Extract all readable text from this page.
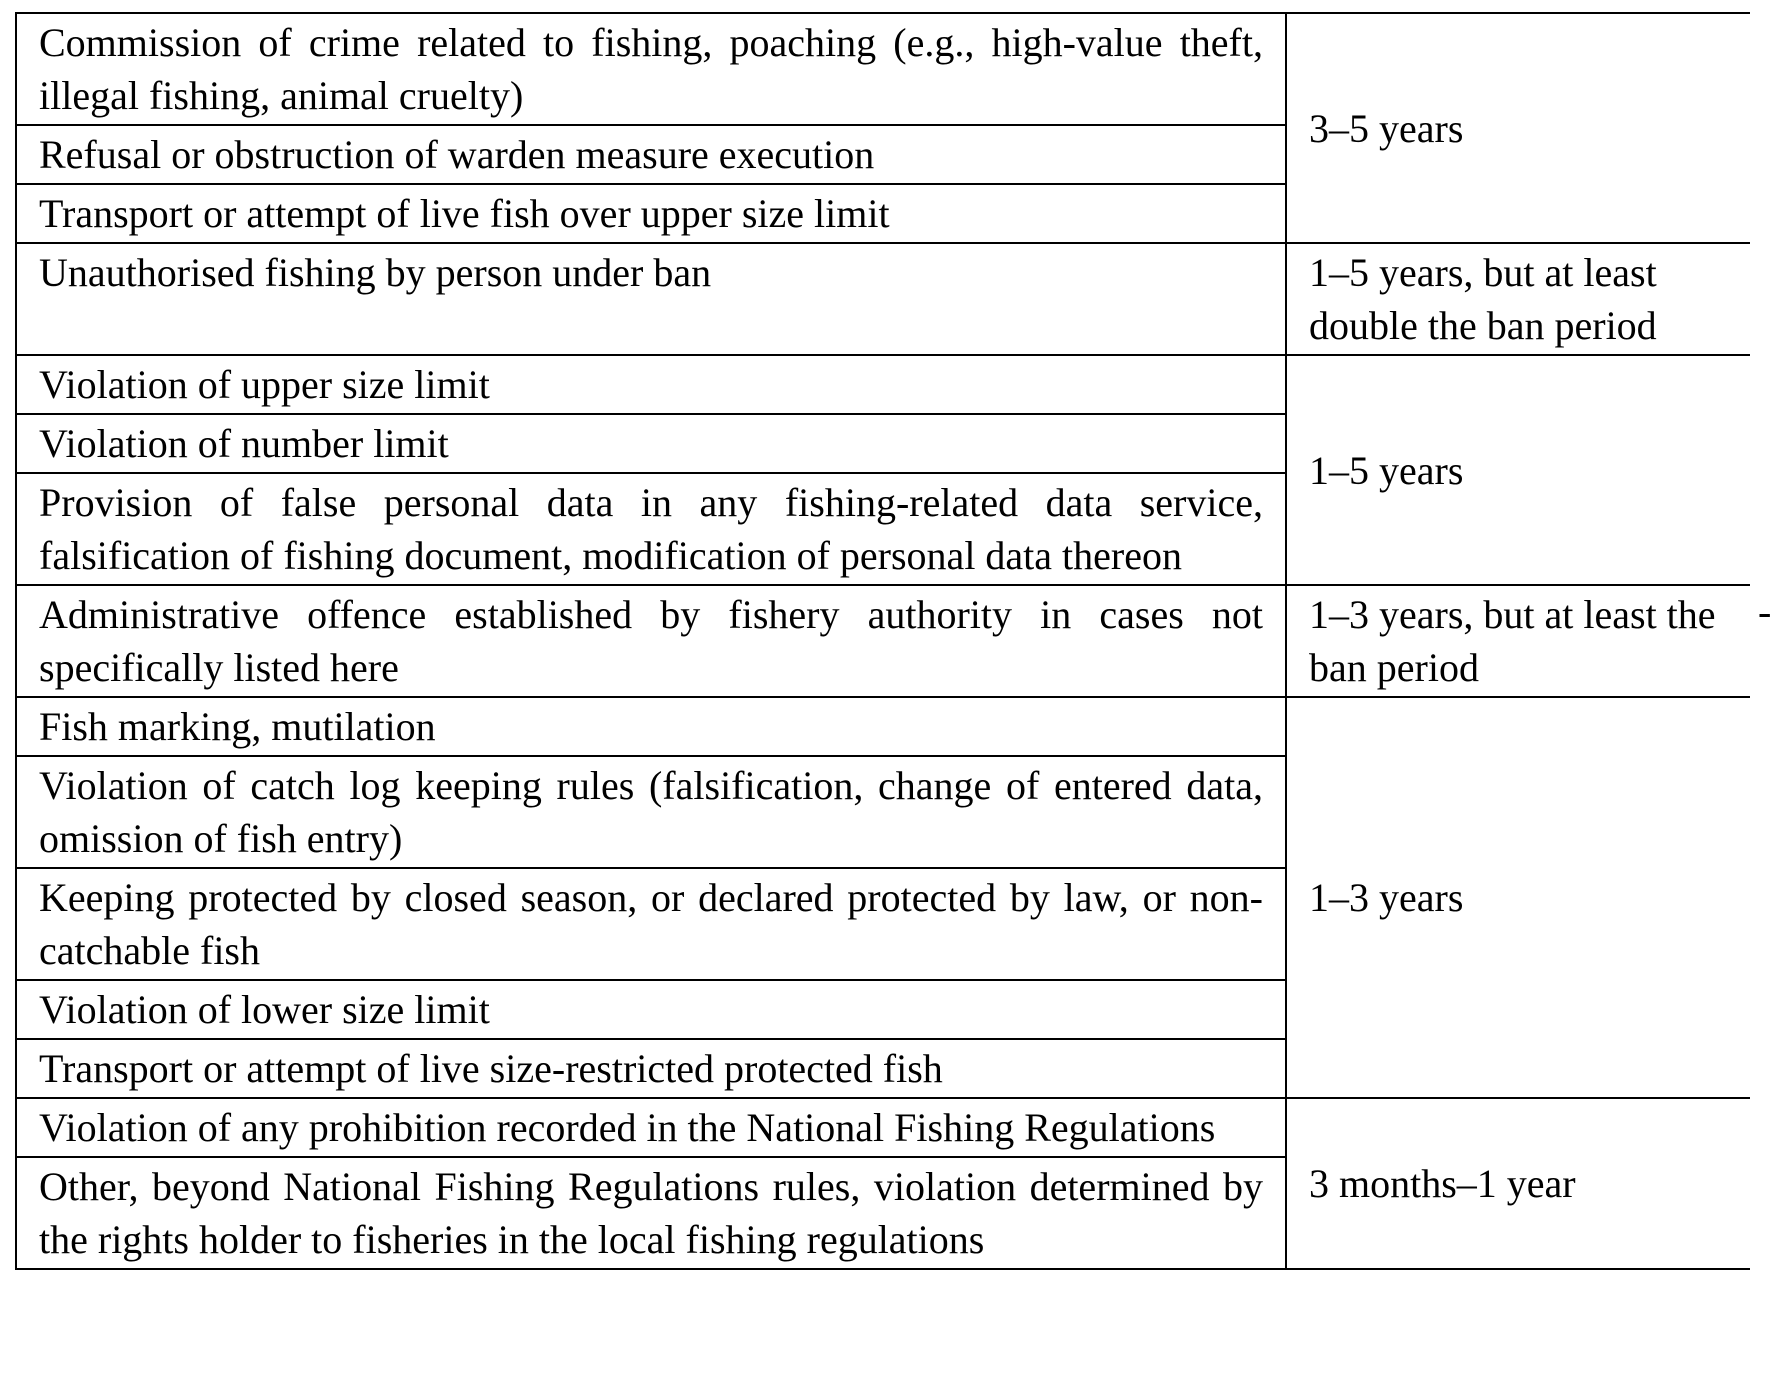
Commission of crime related to fishing, poaching (e.g., high-value theft, illegal fishing, animal cruelty)	3–5 years
Refusal or obstruction of warden measure execution	
Transport or attempt of live fish over upper size limit	
Unauthorised fishing by person under ban	1–5 years, but at least double the ban period
Violation of upper size limit	1–5 years
Violation of number limit	
Provision of false personal data in any fishing-related data service, falsification of fishing document, modification of personal data thereon	
Administrative offence established by fishery authority in cases not specifically listed here	1–3 years, but at least the ban period
Fish marking, mutilation	1–3 years
Violation of catch log keeping rules (falsification, change of entered data, omission of fish entry)	
Keeping protected by closed season, or declared protected by law, or non-catchable fish	
Violation of lower size limit	
Transport or attempt of live size-restricted protected fish	
Violation of any prohibition recorded in the National Fishing Regulations	3 months–1 year
Other, beyond National Fishing Regulations rules, violation determined by the rights holder to fisheries in the local fishing regulations	
-
